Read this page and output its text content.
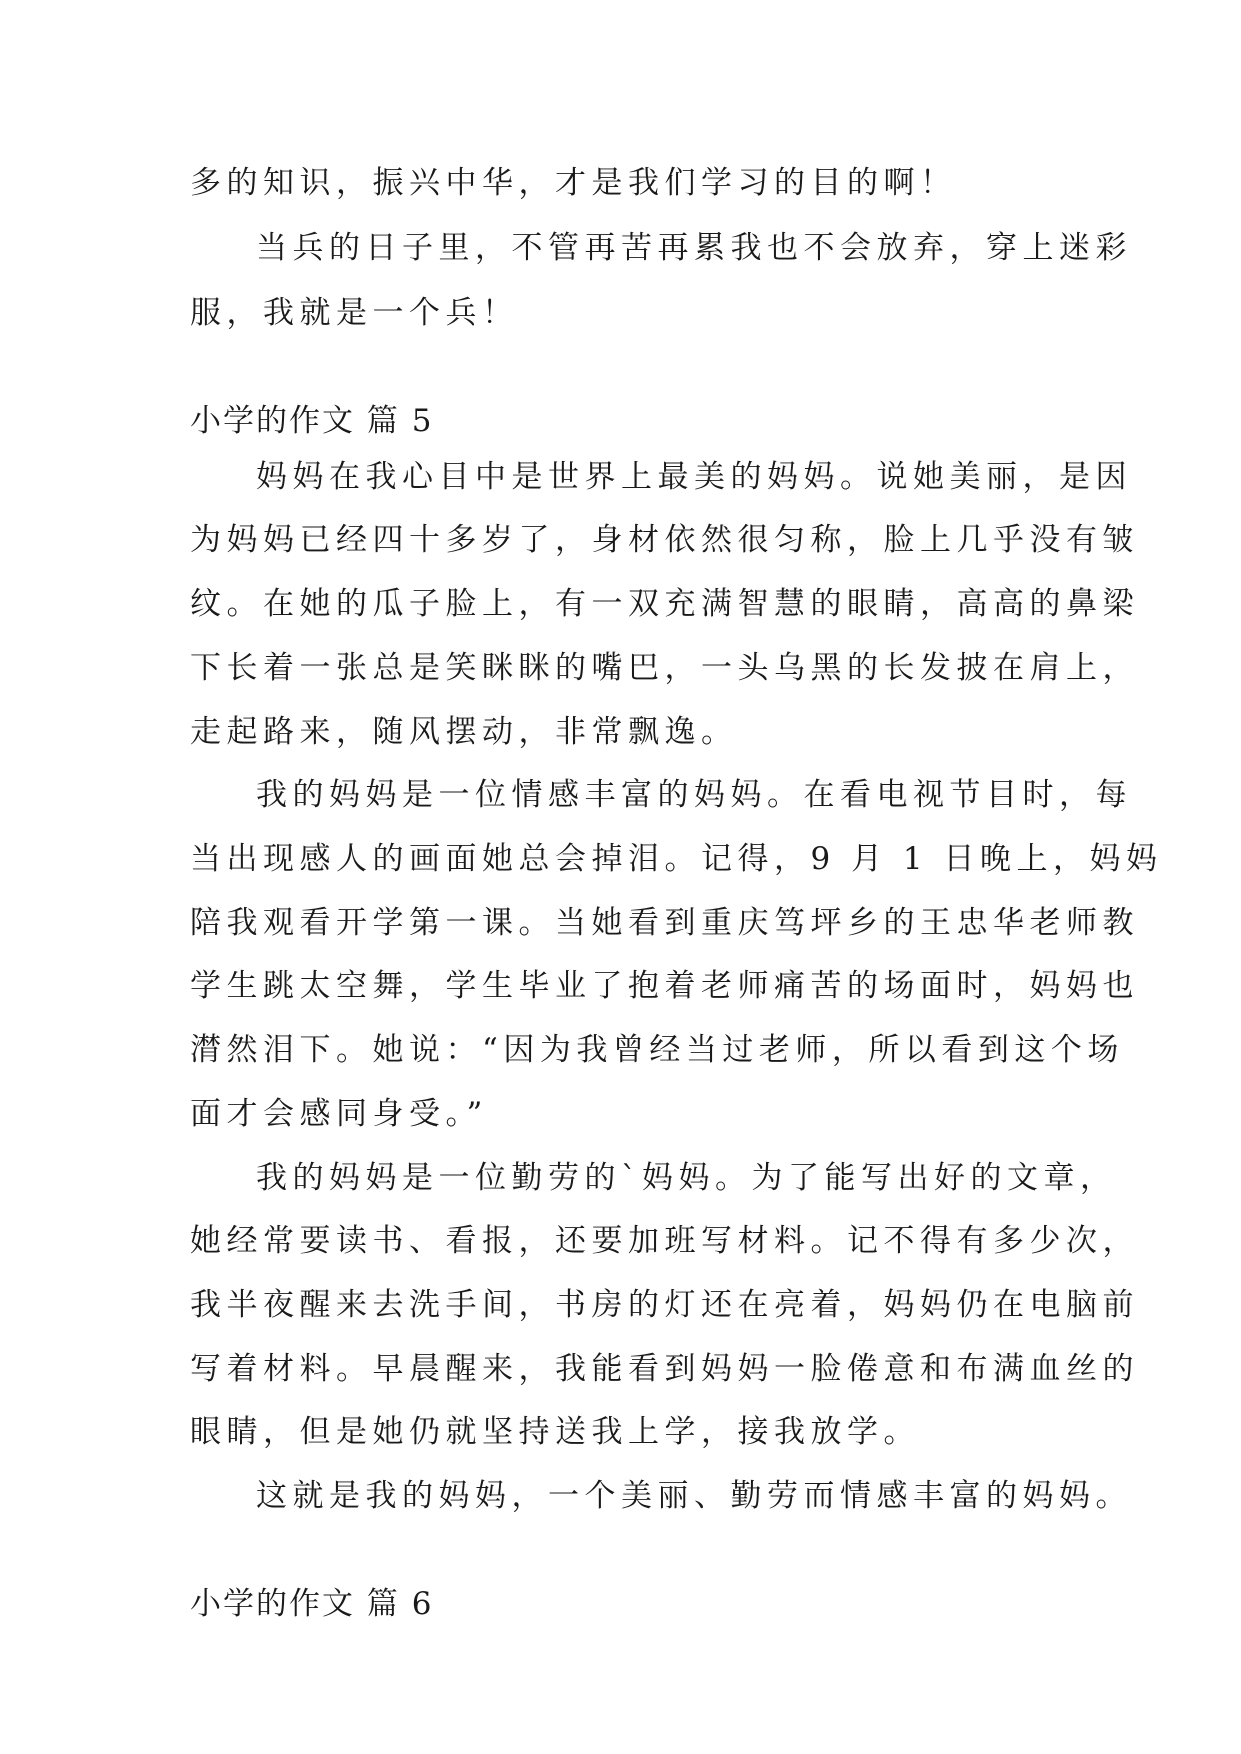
多的知识，振兴中华，才是我们学习的目的啊！
当兵的日子里，不管再苦再累我也不会放弃，穿上迷彩
服，我就是一个兵！
小学的作文 篇 5
妈妈在我心目中是世界上最美的妈妈。说她美丽，是因
为妈妈已经四十多岁了，身材依然很匀称，脸上几乎没有皱
纹。在她的瓜子脸上，有一双充满智慧的眼睛，高高的鼻梁
下长着一张总是笑眯眯的嘴巴，一头乌黑的长发披在肩上，
走起路来，随风摆动，非常飘逸。
我的妈妈是一位情感丰富的妈妈。在看电视节目时，每
当出现感人的画面她总会掉泪。记得，9 月 1 日晚上，妈妈
陪我观看开学第一课。当她看到重庆笃坪乡的王忠华老师教
学生跳太空舞，学生毕业了抱着老师痛苦的场面时，妈妈也
潸然泪下。她说：“因为我曾经当过老师，所以看到这个场
面才会感同身受。”
我的妈妈是一位勤劳的`妈妈。为了能写出好的文章，
她经常要读书、看报，还要加班写材料。记不得有多少次，
我半夜醒来去洗手间，书房的灯还在亮着，妈妈仍在电脑前
写着材料。早晨醒来，我能看到妈妈一脸倦意和布满血丝的
眼睛，但是她仍就坚持送我上学，接我放学。
这就是我的妈妈，一个美丽、勤劳而情感丰富的妈妈。
小学的作文 篇 6
